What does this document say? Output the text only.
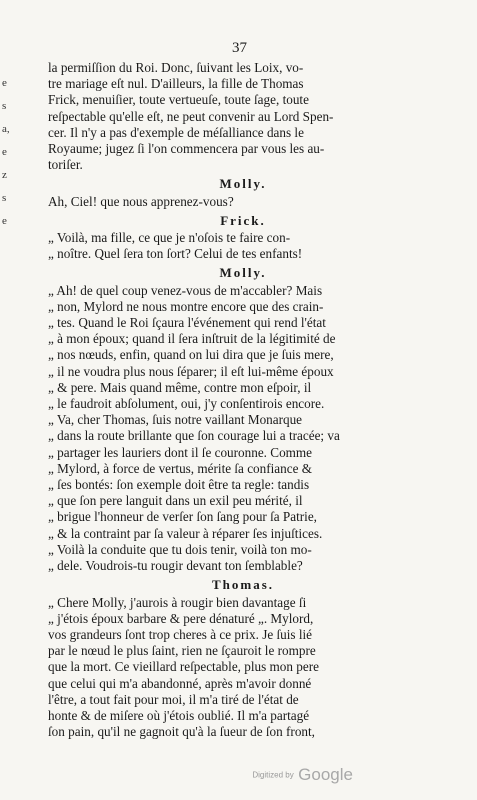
37
e
s
a,
e
z
s
e
la permiſſion du Roi. Donc, ſuivant les Loix, vo-
tre mariage eſt nul. D'ailleurs, la fille de Thomas
Frick, menuiſier, toute vertueuſe, toute ſage, toute
reſpectable qu'elle eſt, ne peut convenir au Lord Spen-
cer. Il n'y a pas d'exemple de méſalliance dans le
Royaume; jugez ſi l'on commencera par vous les au-
toriſer.
Molly.
Ah, Ciel! que nous apprenez-vous?
Frick.
„ Voilà, ma fille, ce que je n'oſois te faire con-
„ noître. Quel ſera ton ſort? Celui de tes enfants!
Molly.
„ Ah! de quel coup venez-vous de m'accabler? Mais
„ non, Mylord ne nous montre encore que des crain-
„ tes. Quand le Roi ſçaura l'événement qui rend l'état
„ à mon époux; quand il ſera inſtruit de la légitimité de
„ nos nœuds, enfin, quand on lui dira que je ſuis mere,
„ il ne voudra plus nous ſéparer; il eſt lui-même époux
„ & pere. Mais quand même, contre mon eſpoir, il
„ le faudroit abſolument, oui, j'y conſentirois encore.
„ Va, cher Thomas, ſuis notre vaillant Monarque
„ dans la route brillante que ſon courage lui a tracée; va
„ partager les lauriers dont il ſe couronne. Comme
„ Mylord, à force de vertus, mérite ſa confiance &
„ ſes bontés: ſon exemple doit être ta regle: tandis
„ que ſon pere languit dans un exil peu mérité, il
„ brigue l'honneur de verſer ſon ſang pour ſa Patrie,
„ & la contraint par ſa valeur à réparer ſes injuſtices.
„ Voilà la conduite que tu dois tenir, voilà ton mo-
„ dele. Voudrois-tu rougir devant ton ſemblable?
Thomas.
„ Chere Molly, j'aurois à rougir bien davantage ſi
„ j'étois époux barbare & pere dénaturé „. Mylord,
vos grandeurs ſont trop cheres à ce prix. Je ſuis lié
par le nœud le plus ſaint, rien ne ſçauroit le rompre
que la mort. Ce vieillard reſpectable, plus mon pere
que celui qui m'a abandonné, après m'avoir donné
l'être, a tout fait pour moi, il m'a tiré de l'état de
honte & de miſere où j'étois oublié. Il m'a partagé
ſon pain, qu'il ne gagnoit qu'à la ſueur de ſon front,
Digitized by Google
